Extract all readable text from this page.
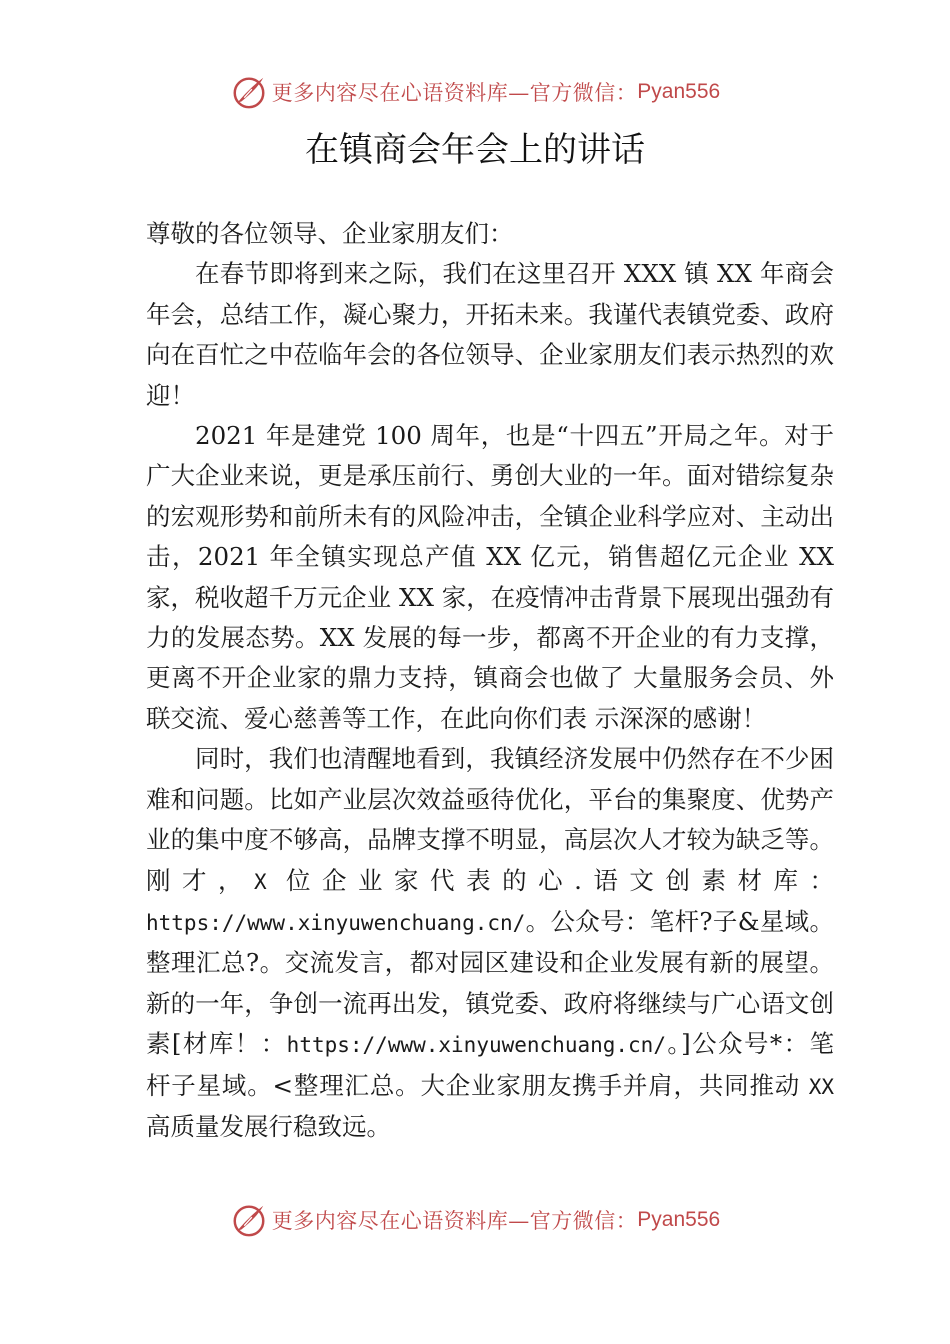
更多内容尽在心语资料库—官方微信： Pyan556
在镇商会年会上的讲话

尊敬的各位领导、企业家朋友们：

在春节即将到来之际，我们在这里召开 XXX 镇 XX 年商会年会，总结工作，凝心聚力，开拓未来。我谨代表镇党委、政府向在百忙之中莅临年会的各位领导、企业家朋友们表示热烈的欢迎！

2021 年是建党 100 周年，也是“十四五”开局之年。对于广大企业来说，更是承压前行、勇创大业的一年。面对错综复杂的宏观形势和前所未有的风险冲击，全镇企业科学应对、主动出击，2021 年全镇实现总产值 XX 亿元，销售超亿元企业 XX 家，税收超千万元企业 XX 家，在疫情冲击背景下展现出强劲有力的发展态势。XX 发展的每一步，都离不开企业的有力支撑，更离不开企业家的鼎力支持，镇商会也做了 大量服务会员、外联交流、爱心慈善等工作，在此向你们表 示深深的感谢！

同时，我们也清醒地看到，我镇经济发展中仍然存在不少困难和问题。比如产业层次效益亟待优化，平台的集聚度、优势产业的集中度不够高，品牌支撑不明显，高层次人才较为缺乏等。刚才，X 位企业家代表的心.语文创素材库：https://www.xinyuwenchuang.cn/。公众号：笔杆?子&星域。整理汇总?。交流发言，都对园区建设和企业发展有新的展望。新的一年，争创一流再出发，镇党委、政府将继续与广心语文创素[材库！：https://www.xinyuwenchuang.cn/。]公众号*：笔杆子星域。<整理汇总。大企业家朋友携手并肩，共同推动 XX 高质量发展行稳致远。

更多内容尽在心语资料库—官方微信： Pyan556
